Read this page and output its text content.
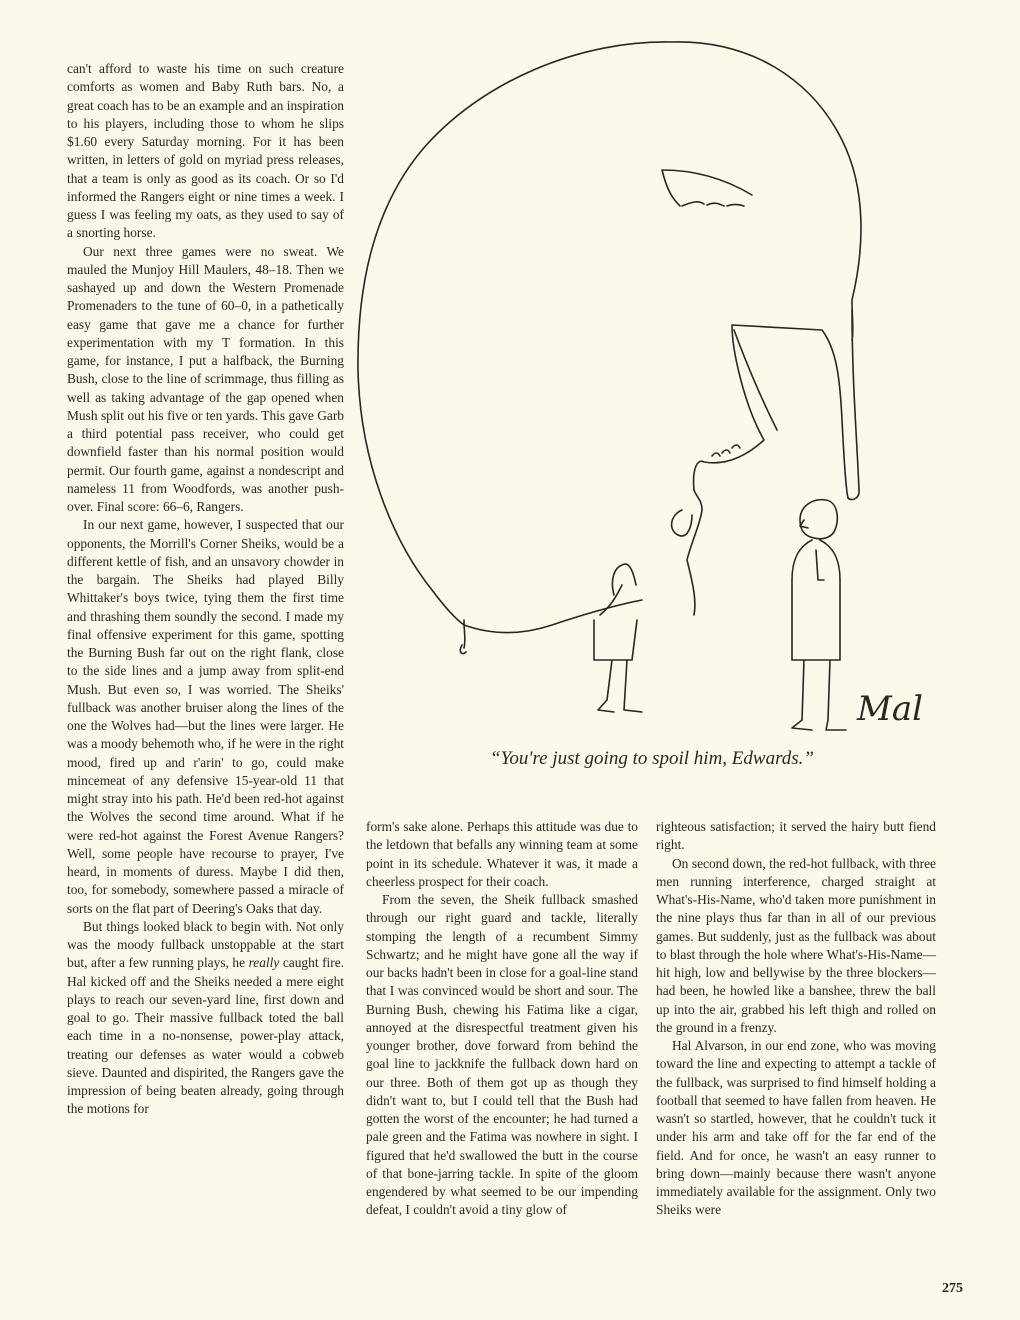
can't afford to waste his time on such creature comforts as women and Baby Ruth bars. No, a great coach has to be an example and an inspiration to his players, including those to whom he slips $1.60 every Saturday morning. For it has been written, in letters of gold on myriad press releases, that a team is only as good as its coach. Or so I'd informed the Rangers eight or nine times a week. I guess I was feeling my oats, as they used to say of a snorting horse.

Our next three games were no sweat. We mauled the Munjoy Hill Maulers, 48–18. Then we sashayed up and down the Western Promenade Promenaders to the tune of 60–0, in a pathetically easy game that gave me a chance for further experimentation with my T formation. In this game, for instance, I put a halfback, the Burning Bush, close to the line of scrimmage, thus filling as well as taking advantage of the gap opened when Mush split out his five or ten yards. This gave Garb a third potential pass receiver, who could get downfield faster than his normal position would permit. Our fourth game, against a nondescript and nameless 11 from Woodfords, was another push-over. Final score: 66–6, Rangers.

In our next game, however, I suspected that our opponents, the Morrill's Corner Sheiks, would be a different kettle of fish, and an unsavory chowder in the bargain. The Sheiks had played Billy Whittaker's boys twice, tying them the first time and thrashing them soundly the second. I made my final offensive experiment for this game, spotting the Burning Bush far out on the right flank, close to the side lines and a jump away from split-end Mush. But even so, I was worried. The Sheiks' fullback was another bruiser along the lines of the one the Wolves had—but the lines were larger. He was a moody behemoth who, if he were in the right mood, fired up and r'arin' to go, could make mincemeat of any defensive 15-year-old 11 that might stray into his path. He'd been red-hot against the Wolves the second time around. What if he were red-hot against the Forest Avenue Rangers? Well, some people have recourse to prayer, I've heard, in moments of duress. Maybe I did then, too, for somebody, somewhere passed a miracle of sorts on the flat part of Deering's Oaks that day.

But things looked black to begin with. Not only was the moody fullback unstoppable at the start but, after a few running plays, he really caught fire. Hal kicked off and the Sheiks needed a mere eight plays to reach our seven-yard line, first down and goal to go. Their massive fullback toted the ball each time in a no-nonsense, power-play attack, treating our defenses as water would a cobweb sieve. Daunted and dispirited, the Rangers gave the impression of being beaten already, going through the motions for

Mal
“You're just going to spoil him, Edwards.”

form's sake alone. Perhaps this attitude was due to the letdown that befalls any winning team at some point in its schedule. Whatever it was, it made a cheerless prospect for their coach.

From the seven, the Sheik fullback smashed through our right guard and tackle, literally stomping the length of a recumbent Simmy Schwartz; and he might have gone all the way if our backs hadn't been in close for a goal-line stand that I was convinced would be short and sour. The Burning Bush, chewing his Fatima like a cigar, annoyed at the disrespectful treatment given his younger brother, dove forward from behind the goal line to jackknife the fullback down hard on our three. Both of them got up as though they didn't want to, but I could tell that the Bush had gotten the worst of the encounter; he had turned a pale green and the Fatima was nowhere in sight. I figured that he'd swallowed the butt in the course of that bone-jarring tackle. In spite of the gloom engendered by what seemed to be our impending defeat, I couldn't avoid a tiny glow of

righteous satisfaction; it served the hairy butt fiend right.

On second down, the red-hot fullback, with three men running interference, charged straight at What's-His-Name, who'd taken more punishment in the nine plays thus far than in all of our previous games. But suddenly, just as the fullback was about to blast through the hole where What's-His-Name—hit high, low and bellywise by the three blockers—had been, he howled like a banshee, threw the ball up into the air, grabbed his left thigh and rolled on the ground in a frenzy.

Hal Alvarson, in our end zone, who was moving toward the line and expecting to attempt a tackle of the fullback, was surprised to find himself holding a football that seemed to have fallen from heaven. He wasn't so startled, however, that he couldn't tuck it under his arm and take off for the far end of the field. And for once, he wasn't an easy runner to bring down—mainly because there wasn't anyone immediately available for the assignment. Only two Sheiks were

275
